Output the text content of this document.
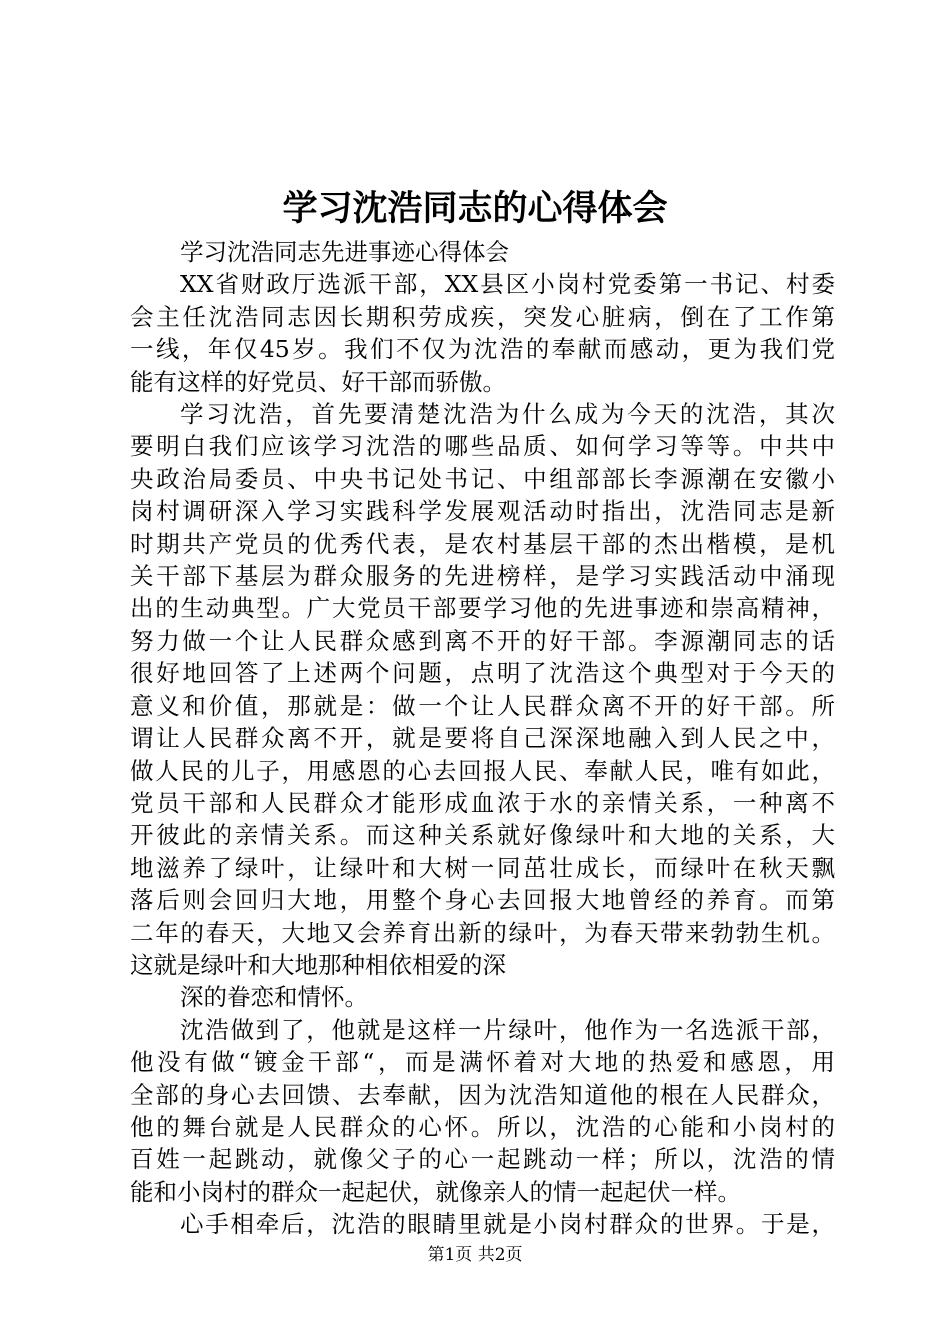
学习沈浩同志的心得体会
学习沈浩同志先进事迹心得体会
XX省财政厅选派干部，XX县区小岗村党委第一书记、村委
会主任沈浩同志因长期积劳成疾，突发心脏病，倒在了工作第
一线，年仅45岁。我们不仅为沈浩的奉献而感动，更为我们党
能有这样的好党员、好干部而骄傲。
学习沈浩，首先要清楚沈浩为什么成为今天的沈浩，其次
要明白我们应该学习沈浩的哪些品质、如何学习等等。中共中
央政治局委员、中央书记处书记、中组部部长李源潮在安徽小
岗村调研深入学习实践科学发展观活动时指出，沈浩同志是新
时期共产党员的优秀代表，是农村基层干部的杰出楷模，是机
关干部下基层为群众服务的先进榜样，是学习实践活动中涌现
出的生动典型。广大党员干部要学习他的先进事迹和崇高精神，
努力做一个让人民群众感到离不开的好干部。李源潮同志的话
很好地回答了上述两个问题，点明了沈浩这个典型对于今天的
意义和价值，那就是：做一个让人民群众离不开的好干部。所
谓让人民群众离不开，就是要将自己深深地融入到人民之中，
做人民的儿子，用感恩的心去回报人民、奉献人民，唯有如此，
党员干部和人民群众才能形成血浓于水的亲情关系，一种离不
开彼此的亲情关系。而这种关系就好像绿叶和大地的关系，大
地滋养了绿叶，让绿叶和大树一同茁壮成长，而绿叶在秋天飘
落后则会回归大地，用整个身心去回报大地曾经的养育。而第
二年的春天，大地又会养育出新的绿叶，为春天带来勃勃生机。
这就是绿叶和大地那种相依相爱的深
深的眷恋和情怀。
沈浩做到了，他就是这样一片绿叶，他作为一名选派干部，
他没有做“镀金干部“，而是满怀着对大地的热爱和感恩，用
全部的身心去回馈、去奉献，因为沈浩知道他的根在人民群众，
他的舞台就是人民群众的心怀。所以，沈浩的心能和小岗村的
百姓一起跳动，就像父子的心一起跳动一样；所以，沈浩的情
能和小岗村的群众一起起伏，就像亲人的情一起起伏一样。
心手相牵后，沈浩的眼睛里就是小岗村群众的世界。于是，
第1页 共2页
